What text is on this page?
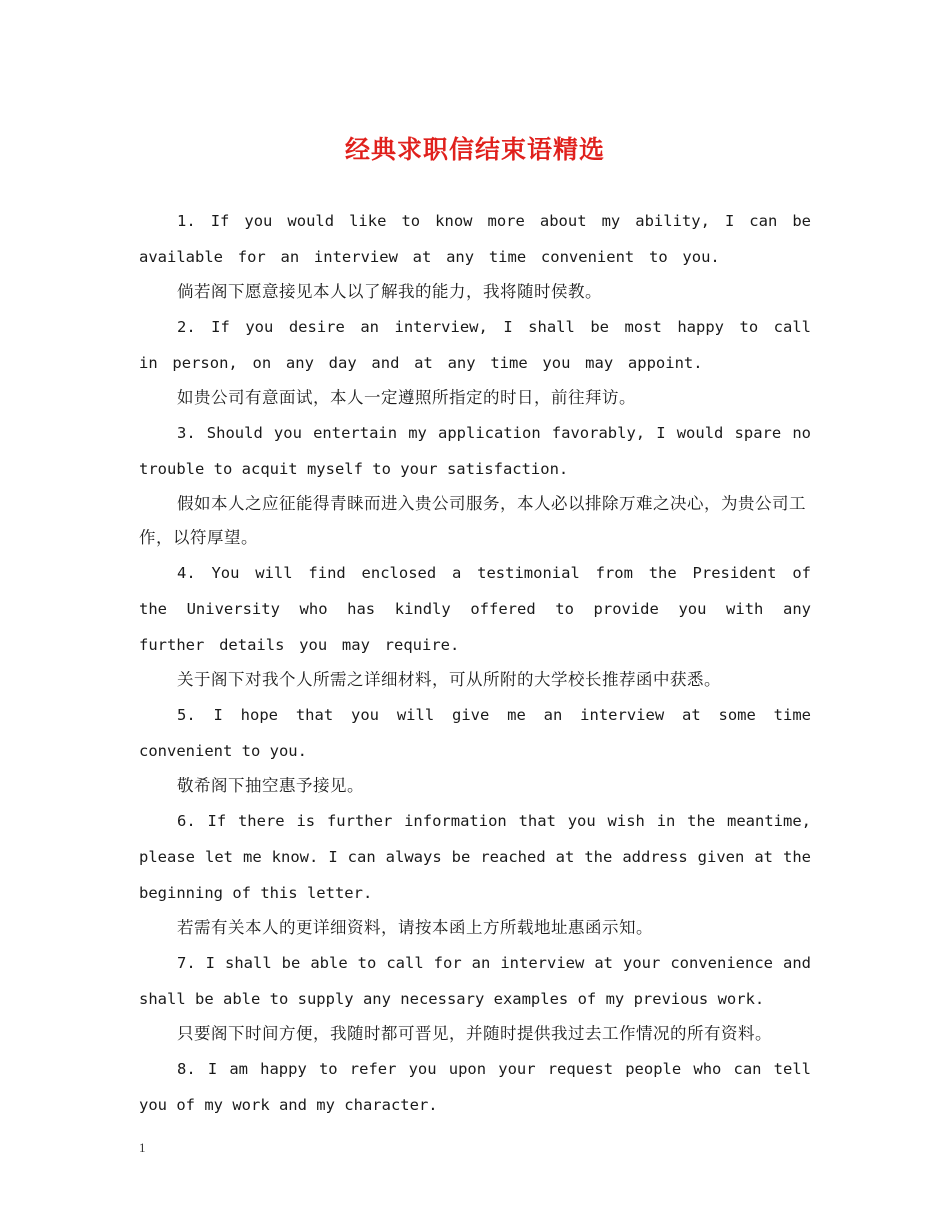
经典求职信结束语精选

1. If you would like to know more about my ability, I can be available for an interview at any time convenient to you.

倘若阁下愿意接见本人以了解我的能力，我将随时侯教。

2. If you desire an interview, I shall be most happy to call in person, on any day and at any time you may appoint.

如贵公司有意面试，本人一定遵照所指定的时日，前往拜访。

3. Should you entertain my application favorably, I would spare no trouble to acquit myself to your satisfaction.

假如本人之应征能得青睐而进入贵公司服务，本人必以排除万难之决心，为贵公司工作，以符厚望。

4. You will find enclosed a testimonial from the President of the University who has kindly offered to provide you with any further details you may require.

关于阁下对我个人所需之详细材料，可从所附的大学校长推荐函中获悉。

5. I hope that you will give me an interview at some time convenient to you.

敬希阁下抽空惠予接见。

6. If there is further information that you wish in the meantime, please let me know. I can always be reached at the address given at the beginning of this letter.

若需有关本人的更详细资料，请按本函上方所载地址惠函示知。

7. I shall be able to call for an interview at your convenience and shall be able to supply any necessary examples of my previous work.

只要阁下时间方便，我随时都可晋见，并随时提供我过去工作情况的所有资料。

8. I am happy to refer you upon your request people who can tell you of my work and my character.

1
